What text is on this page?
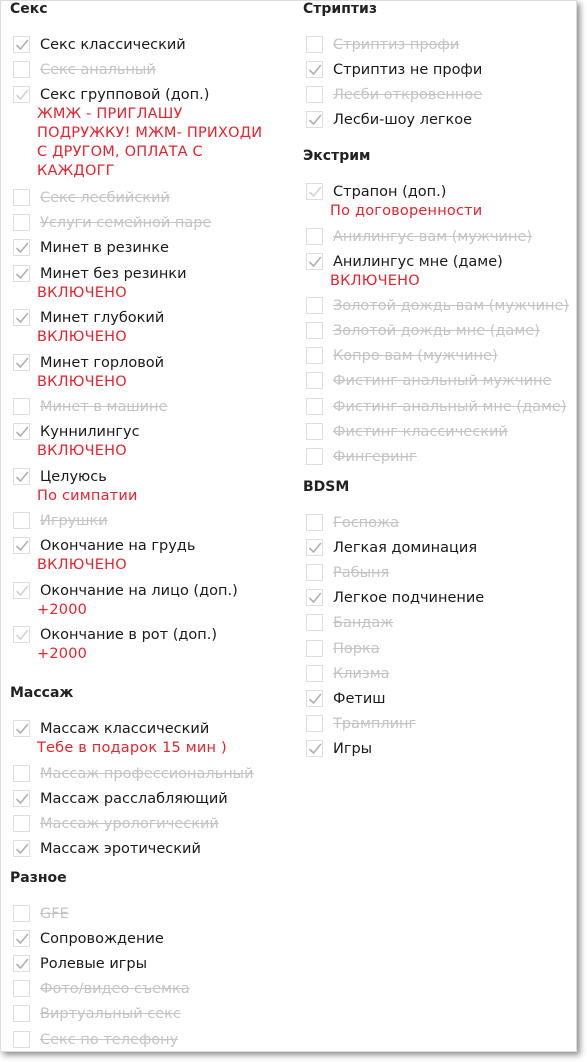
Секс
Секс классический
Секс анальный
Секс групповой (доп.)
ЖМЖ - ПРИГЛАШУ
ПОДРУЖКУ! МЖМ- ПРИХОДИ
С ДРУГОМ, ОПЛАТА С
КАЖДОГГ
Секс лесбийский
Услуги семейной паре
Минет в резинке
Минет без резинки
ВКЛЮЧЕНО
Минет глубокий
ВКЛЮЧЕНО
Минет горловой
ВКЛЮЧЕНО
Минет в машине
Куннилингус
ВКЛЮЧЕНО
Целуюсь
По симпатии
Игрушки
Окончание на грудь
ВКЛЮЧЕНО
Окончание на лицо (доп.)
+2000
Окончание в рот (доп.)
+2000
Массаж
Массаж классический
Тебе в подарок 15 мин )
Массаж профессиональный
Массаж расслабляющий
Массаж урологический
Массаж эротический
Разное
GFE
Сопровождение
Ролевые игры
Фото/видео съемка
Виртуальный секс
Секс по телефону
Стриптиз
Стриптиз профи
Стриптиз не профи
Лесби откровенное
Лесби-шоу легкое
Экстрим
Страпон (доп.)
По договоренности
Анилингус вам (мужчине)
Анилингус мне (даме)
ВКЛЮЧЕНО
Золотой дождь вам (мужчине)
Золотой дождь мне (даме)
Копро вам (мужчине)
Фистинг анальный мужчине
Фистинг анальный мне (даме)
Фистинг классический
Фингеринг
BDSM
Госпожа
Легкая доминация
Рабыня
Легкое подчинение
Бандаж
Порка
Клизма
Фетиш
Трамплинг
Игры
